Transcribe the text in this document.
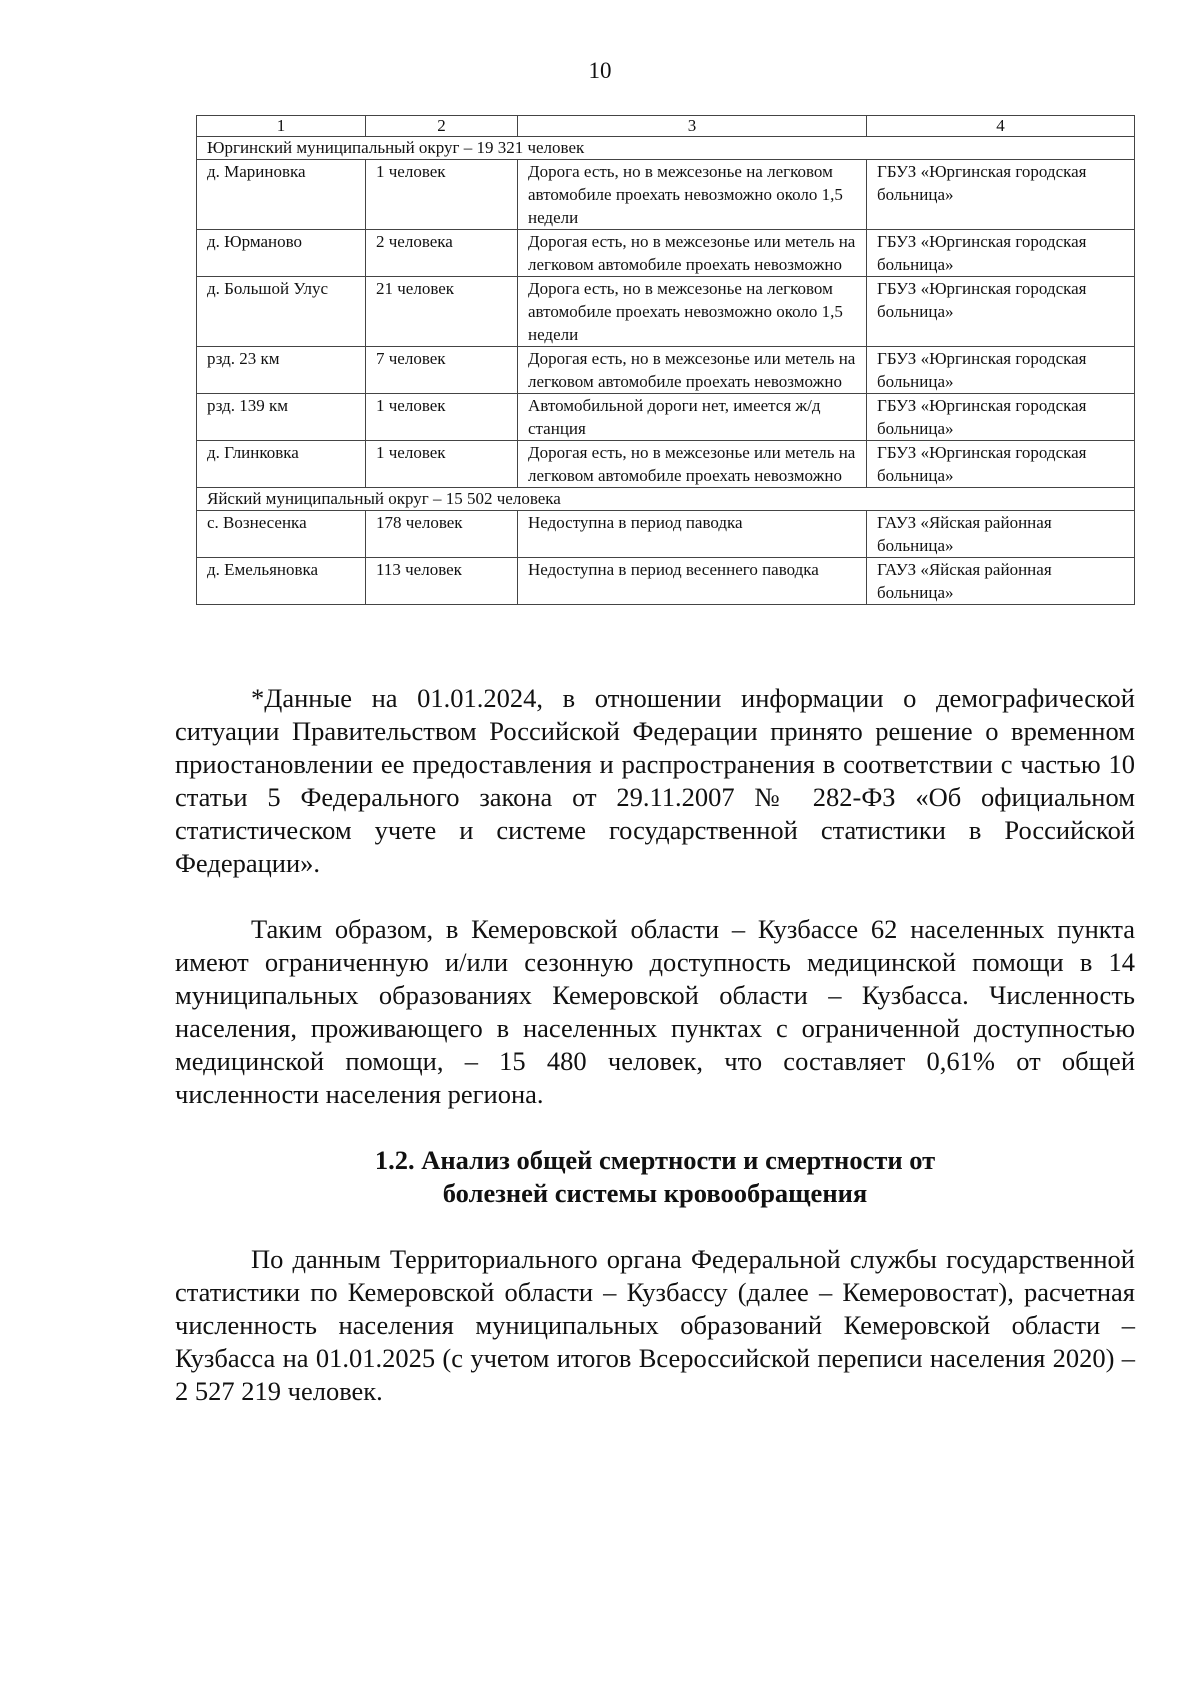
10
1	2	3	4
Юргинский муниципальный округ – 19 321 человек			
д. Мариновка	1 человек	Дорога есть, но в межсезонье на легковом автомобиле проехать невозможно около 1,5 недели	ГБУЗ «Юргинская городская больница»
д. Юрманово	2 человека	Дорогая есть, но в межсезонье или метель на легковом автомобиле проехать невозможно	ГБУЗ «Юргинская городская больница»
д. Большой Улус	21 человек	Дорога есть, но в межсезонье на легковом автомобиле проехать невозможно около 1,5 недели	ГБУЗ «Юргинская городская больница»
рзд. 23 км	7 человек	Дорогая есть, но в межсезонье или метель на легковом автомобиле проехать невозможно	ГБУЗ «Юргинская городская больница»
рзд. 139 км	1 человек	Автомобильной дороги нет, имеется ж/д станция	ГБУЗ «Юргинская городская больница»
д. Глинковка	1 человек	Дорогая есть, но в межсезонье или метель на легковом автомобиле проехать невозможно	ГБУЗ «Юргинская городская больница»
Яйский муниципальный округ – 15 502 человека			
с. Вознесенка	178 человек	Недоступна в период паводка	ГАУЗ «Яйская районная больница»
д. Емельяновка	113 человек	Недоступна в период весеннего паводка	ГАУЗ «Яйская районная больница»

*Данные на 01.01.2024, в отношении информации о демографической ситуации Правительством Российской Федерации принято решение о временном приостановлении ее предоставления и распространения в соответствии с частью 10 статьи 5 Федерального закона от 29.11.2007 № 282-ФЗ «Об официальном статистическом учете и системе государственной статистики в Российской Федерации».

Таким образом, в Кемеровской области – Кузбассе 62 населенных пункта имеют ограниченную и/или сезонную доступность медицинской помощи в 14 муниципальных образованиях Кемеровской области – Кузбасса. Численность населения, проживающего в населенных пунктах с ограниченной доступностью медицинской помощи, – 15 480 человек, что составляет 0,61% от общей численности населения региона.

1.2. Анализ общей смертности и смертности от
болезней системы кровообращения

По данным Территориального органа Федеральной службы государственной статистики по Кемеровской области – Кузбассу (далее – Кемеровостат), расчетная численность населения муниципальных образований Кемеровской области – Кузбасса на 01.01.2025 (с учетом итогов Всероссийской переписи населения 2020) – 2 527 219 человек.
